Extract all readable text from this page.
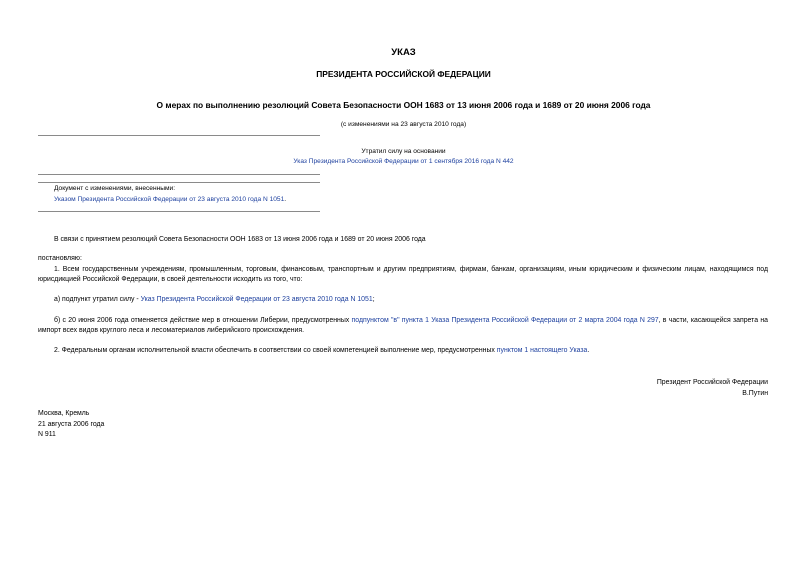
УКАЗ
ПРЕЗИДЕНТА РОССИЙСКОЙ ФЕДЕРАЦИИ
О мерах по выполнению резолюций Совета Безопасности ООН 1683 от 13 июня 2006 года и 1689 от 20 июня 2006 года
(с изменениями на 23 августа 2010 года)
Утратил силу на основании
Указ Президента Российской Федерации от 1 сентября 2016 года N 442
Документ с изменениями, внесенными:
Указом Президента Российской Федерации от 23 августа 2010 года N 1051.
В связи с принятием резолюций Совета Безопасности ООН 1683 от 13 июня 2006 года и 1689 от 20 июня 2006 года
постановляю:
1. Всем государственным учреждениям, промышленным, торговым, финансовым, транспортным и другим предприятиям, фирмам, банкам, организациям, иным юридическим и физическим лицам, находящимся под юрисдикцией Российской Федерации, в своей деятельности исходить из того, что:
а) подпункт утратил силу - Указ Президента Российской Федерации от 23 августа 2010 года N 1051;
б) с 20 июня 2006 года отменяется действие мер в отношении Либерии, предусмотренных подпунктом "в" пункта 1 Указа Президента Российской Федерации от 2 марта 2004 года N 297, в части, касающейся запрета на импорт всех видов круглого леса и лесоматериалов либерийского происхождения.
2. Федеральным органам исполнительной власти обеспечить в соответствии со своей компетенцией выполнение мер, предусмотренных пунктом 1 настоящего Указа.
Президент Российской Федерации
В.Путин
Москва, Кремль
21 августа 2006 года
N 911
